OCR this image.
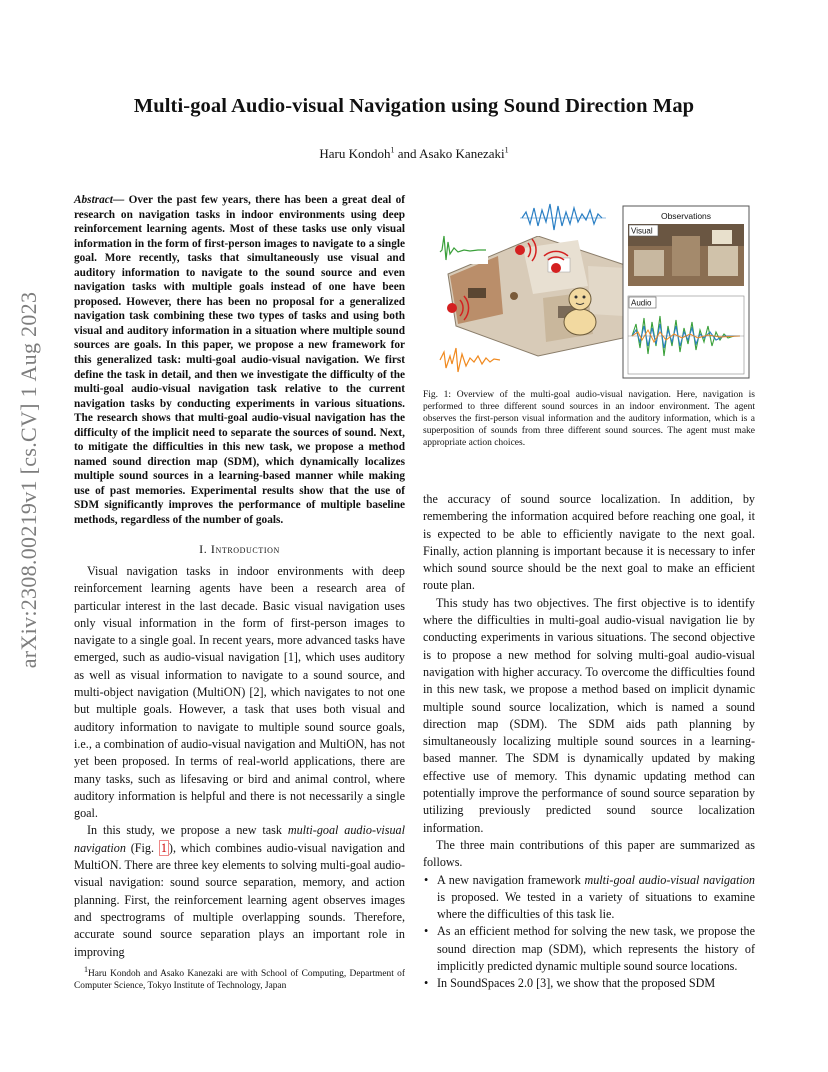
Multi-goal Audio-visual Navigation using Sound Direction Map
Haru Kondoh$^1$ and Asako Kanezaki$^1$
arXiv:2308.00219v1 [cs.CV] 1 Aug 2023
Abstract— Over the past few years, there has been a great deal of research on navigation tasks in indoor environments using deep reinforcement learning agents. Most of these tasks use only visual information in the form of first-person images to navigate to a single goal. More recently, tasks that simultaneously use visual and auditory information to navigate to the sound source and even navigation tasks with multiple goals instead of one have been proposed. However, there has been no proposal for a generalized navigation task combining these two types of tasks and using both visual and auditory information in a situation where multiple sound sources are goals. In this paper, we propose a new framework for this generalized task: multi-goal audio-visual navigation. We first define the task in detail, and then we investigate the difficulty of the multi-goal audio-visual navigation task relative to the current navigation tasks by conducting experiments in various situations. The research shows that multi-goal audio-visual navigation has the difficulty of the implicit need to separate the sources of sound. Next, to mitigate the difficulties in this new task, we propose a method named sound direction map (SDM), which dynamically localizes multiple sound sources in a learning-based manner while making use of past memories. Experimental results show that the use of SDM significantly improves the performance of multiple baseline methods, regardless of the number of goals.
I. Introduction

Visual navigation tasks in indoor environments with deep reinforcement learning agents have been a research area of particular interest in the last decade. Basic visual navigation uses only visual information in the form of first-person images to navigate to a single goal. In recent years, more advanced tasks have emerged, such as audio-visual navigation [1], which uses auditory as well as visual information to navigate to a sound source, and multi-object navigation (MultiON) [2], which navigates to not one but multiple goals. However, a task that uses both visual and auditory information to navigate to multiple sound source goals, i.e., a combination of audio-visual navigation and MultiON, has not yet been proposed. In terms of real-world applications, there are many tasks, such as lifesaving or bird and animal control, where auditory information is helpful and there is not necessarily a single goal.

In this study, we propose a new task multi-goal audio-visual navigation (Fig. 1 ), which combines audio-visual navigation and MultiON. There are three key elements to solving multi-goal audio-visual navigation: sound source separation, memory, and action planning. First, the reinforcement learning agent observes images and spectrograms of multiple overlapping sounds. Therefore, accurate sound source separation plays an important role in improving

$^1$Haru Kondoh and Asako Kanezaki are with School of Computing, Department of Computer Science, Tokyo Institute of Technology, Japan
Observations
Visual
Audio
Fig. 1: Overview of the multi-goal audio-visual navigation. Here, navigation is performed to three different sound sources in an indoor environment. The agent observes the first-person visual information and the auditory information, which is a superposition of sounds from three different sound sources. The agent must make appropriate action choices.

the accuracy of sound source localization. In addition, by remembering the information acquired before reaching one goal, it is expected to be able to efficiently navigate to the next goal. Finally, action planning is important because it is necessary to infer which sound source should be the next goal to make an efficient route plan.

This study has two objectives. The first objective is to identify where the difficulties in multi-goal audio-visual navigation lie by conducting experiments in various situations. The second objective is to propose a new method for solving multi-goal audio-visual navigation with higher accuracy. To overcome the difficulties found in this new task, we propose a method based on implicit dynamic multiple sound source localization, which is named a sound direction map (SDM). The SDM aids path planning by simultaneously localizing multiple sound sources in a learning-based manner. The SDM is dynamically updated by making effective use of memory. This dynamic updating method can potentially improve the performance of sound source separation by utilizing previously predicted sound source localization information.

The three main contributions of this paper are summarized as follows.

• A new navigation framework multi-goal audio-visual navigation is proposed. We tested in a variety of situations to examine where the difficulties of this task lie.
• As an efficient method for solving the new task, we propose the sound direction map (SDM), which represents the history of implicitly predicted dynamic multiple sound source locations.
• In SoundSpaces 2.0 [3], we show that the proposed SDM
